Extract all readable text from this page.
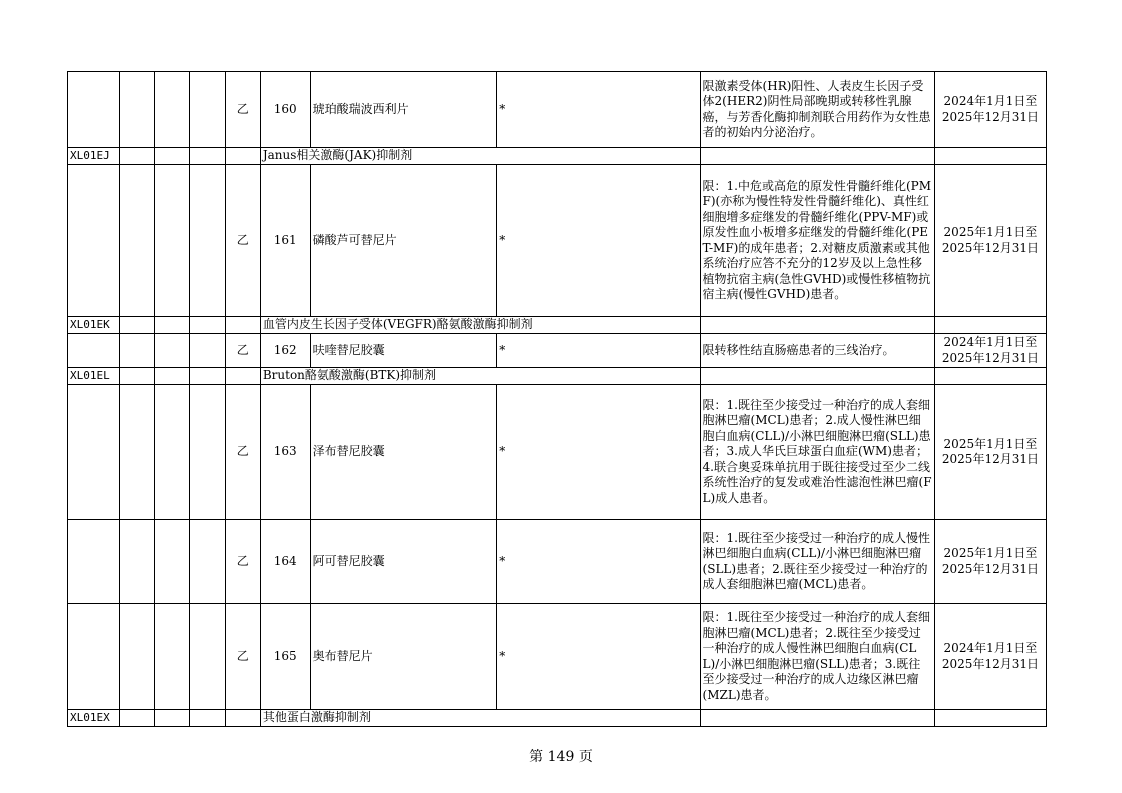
				乙	160	琥珀酸瑞波西利片	*	限激素受体(HR)阳性、人表皮生长因子受体2(HER2)阴性局部晚期或转移性乳腺癌，与芳香化酶抑制剂联合用药作为女性患者的初始内分泌治疗。	2024年1月1日至
2025年12月31日

XL01EJ					Janus相关激酶(JAK)抑制剂				
				乙	161	磷酸芦可替尼片	*	限：1.中危或高危的原发性骨髓纤维化(PMF)(亦称为慢性特发性骨髓纤维化)、真性红细胞增多症继发的骨髓纤维化(PPV-MF)或原发性血小板增多症继发的骨髓纤维化(PET-MF)的成年患者；2.对糖皮质激素或其他系统治疗应答不充分的12岁及以上急性移植物抗宿主病(急性GVHD)或慢性移植物抗宿主病(慢性GVHD)患者。	2025年1月1日至
2025年12月31日

XL01EK					血管内皮生长因子受体(VEGFR)酪氨酸激酶抑制剂				
				乙	162	呋喹替尼胶囊	*	限转移性结直肠癌患者的三线治疗。	2024年1月1日至
2025年12月31日

XL01EL					Bruton酪氨酸激酶(BTK)抑制剂				
				乙	163	泽布替尼胶囊	*	限：1.既往至少接受过一种治疗的成人套细胞淋巴瘤(MCL)患者；2.成人慢性淋巴细胞白血病(CLL)/小淋巴细胞淋巴瘤(SLL)患者；3.成人华氏巨球蛋白血症(WM)患者；4.联合奥妥珠单抗用于既往接受过至少二线系统性治疗的复发或难治性滤泡性淋巴瘤(FL)成人患者。	2025年1月1日至
2025年12月31日

				乙	164	阿可替尼胶囊	*	限：1.既往至少接受过一种治疗的成人慢性淋巴细胞白血病(CLL)/小淋巴细胞淋巴瘤(SLL)患者；2.既往至少接受过一种治疗的成人套细胞淋巴瘤(MCL)患者。	2025年1月1日至
2025年12月31日

				乙	165	奥布替尼片	*	限：1.既往至少接受过一种治疗的成人套细胞淋巴瘤(MCL)患者；2.既往至少接受过一种治疗的成人慢性淋巴细胞白血病(CLL)/小淋巴细胞淋巴瘤(SLL)患者；3.既往至少接受过一种治疗的成人边缘区淋巴瘤(MZL)患者。	2024年1月1日至
2025年12月31日

XL01EX					其他蛋白激酶抑制剂				
第 149 页
